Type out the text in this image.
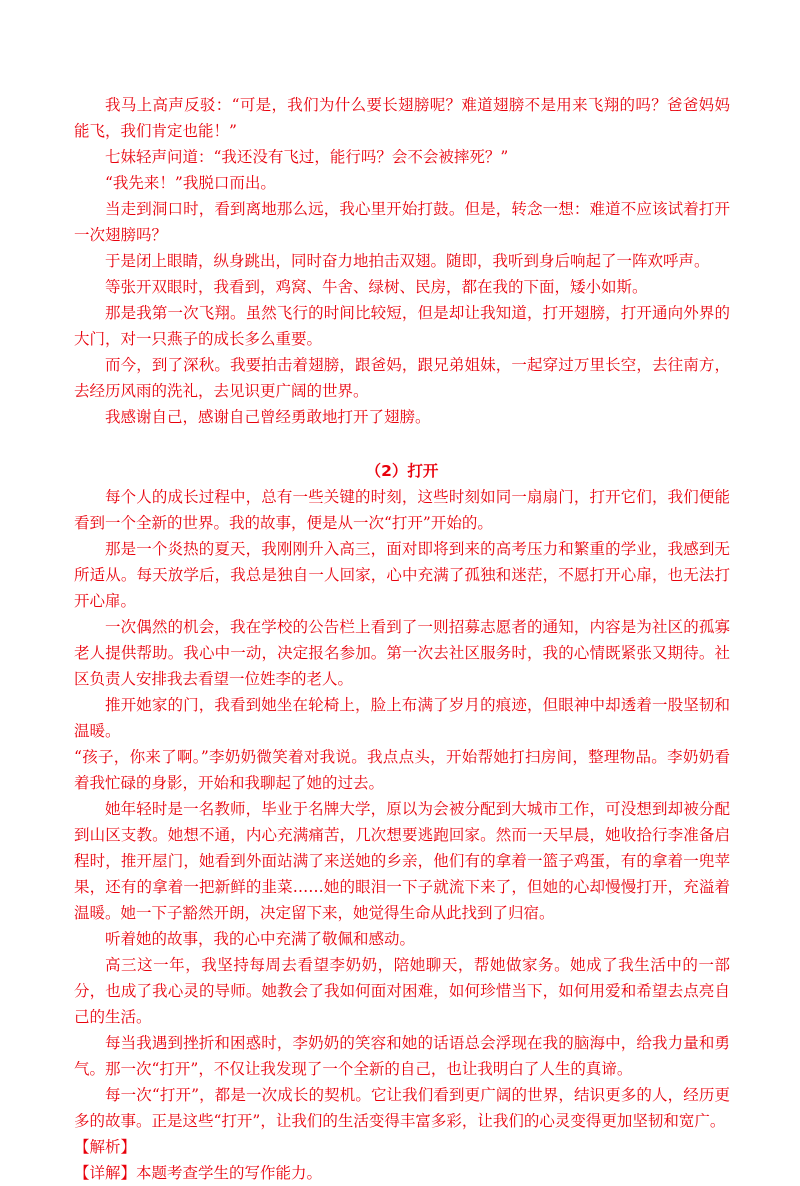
我马上高声反驳：“可是，我们为什么要长翅膀呢？难道翅膀不是用来飞翔的吗？爸爸妈妈能飞，我们肯定也能！”

七妹轻声问道：“我还没有飞过，能行吗？会不会被摔死？”

“我先来！”我脱口而出。

当走到洞口时，看到离地那么远，我心里开始打鼓。但是，转念一想：难道不应该试着打开一次翅膀吗？

于是闭上眼睛，纵身跳出，同时奋力地拍击双翅。随即，我听到身后响起了一阵欢呼声。

等张开双眼时，我看到，鸡窝、牛舍、绿树、民房，都在我的下面，矮小如斯。

那是我第一次飞翔。虽然飞行的时间比较短，但是却让我知道，打开翅膀，打开通向外界的大门，对一只燕子的成长多么重要。

而今，到了深秋。我要拍击着翅膀，跟爸妈，跟兄弟姐妹，一起穿过万里长空，去往南方，去经历风雨的洗礼，去见识更广阔的世界。

我感谢自己，感谢自己曾经勇敢地打开了翅膀。

（2）打开

每个人的成长过程中，总有一些关键的时刻，这些时刻如同一扇扇门，打开它们，我们便能看到一个全新的世界。我的故事，便是从一次“打开”开始的。

那是一个炎热的夏天，我刚刚升入高三，面对即将到来的高考压力和繁重的学业，我感到无所适从。每天放学后，我总是独自一人回家，心中充满了孤独和迷茫，不愿打开心扉，也无法打开心扉。

一次偶然的机会，我在学校的公告栏上看到了一则招募志愿者的通知，内容是为社区的孤寡老人提供帮助。我心中一动，决定报名参加。第一次去社区服务时，我的心情既紧张又期待。社区负责人安排我去看望一位姓李的老人。

推开她家的门，我看到她坐在轮椅上，脸上布满了岁月的痕迹，但眼神中却透着一股坚韧和温暖。

“孩子，你来了啊。”李奶奶微笑着对我说。我点点头，开始帮她打扫房间，整理物品。李奶奶看着我忙碌的身影，开始和我聊起了她的过去。

她年轻时是一名教师，毕业于名牌大学，原以为会被分配到大城市工作，可没想到却被分配到山区支教。她想不通，内心充满痛苦，几次想要逃跑回家。然而一天早晨，她收拾行李准备启程时，推开屋门，她看到外面站满了来送她的乡亲，他们有的拿着一篮子鸡蛋，有的拿着一兜苹果，还有的拿着一把新鲜的韭菜……她的眼泪一下子就流下来了，但她的心却慢慢打开，充溢着温暖。她一下子豁然开朗，决定留下来，她觉得生命从此找到了归宿。

听着她的故事，我的心中充满了敬佩和感动。

高三这一年，我坚持每周去看望李奶奶，陪她聊天，帮她做家务。她成了我生活中的一部分，也成了我心灵的导师。她教会了我如何面对困难，如何珍惜当下，如何用爱和希望去点亮自己的生活。

每当我遇到挫折和困惑时，李奶奶的笑容和她的话语总会浮现在我的脑海中，给我力量和勇气。那一次“打开”，不仅让我发现了一个全新的自己，也让我明白了人生的真谛。

每一次“打开”，都是一次成长的契机。它让我们看到更广阔的世界，结识更多的人，经历更多的故事。正是这些“打开”，让我们的生活变得丰富多彩，让我们的心灵变得更加坚韧和宽广。

【解析】

【详解】本题考查学生的写作能力。
